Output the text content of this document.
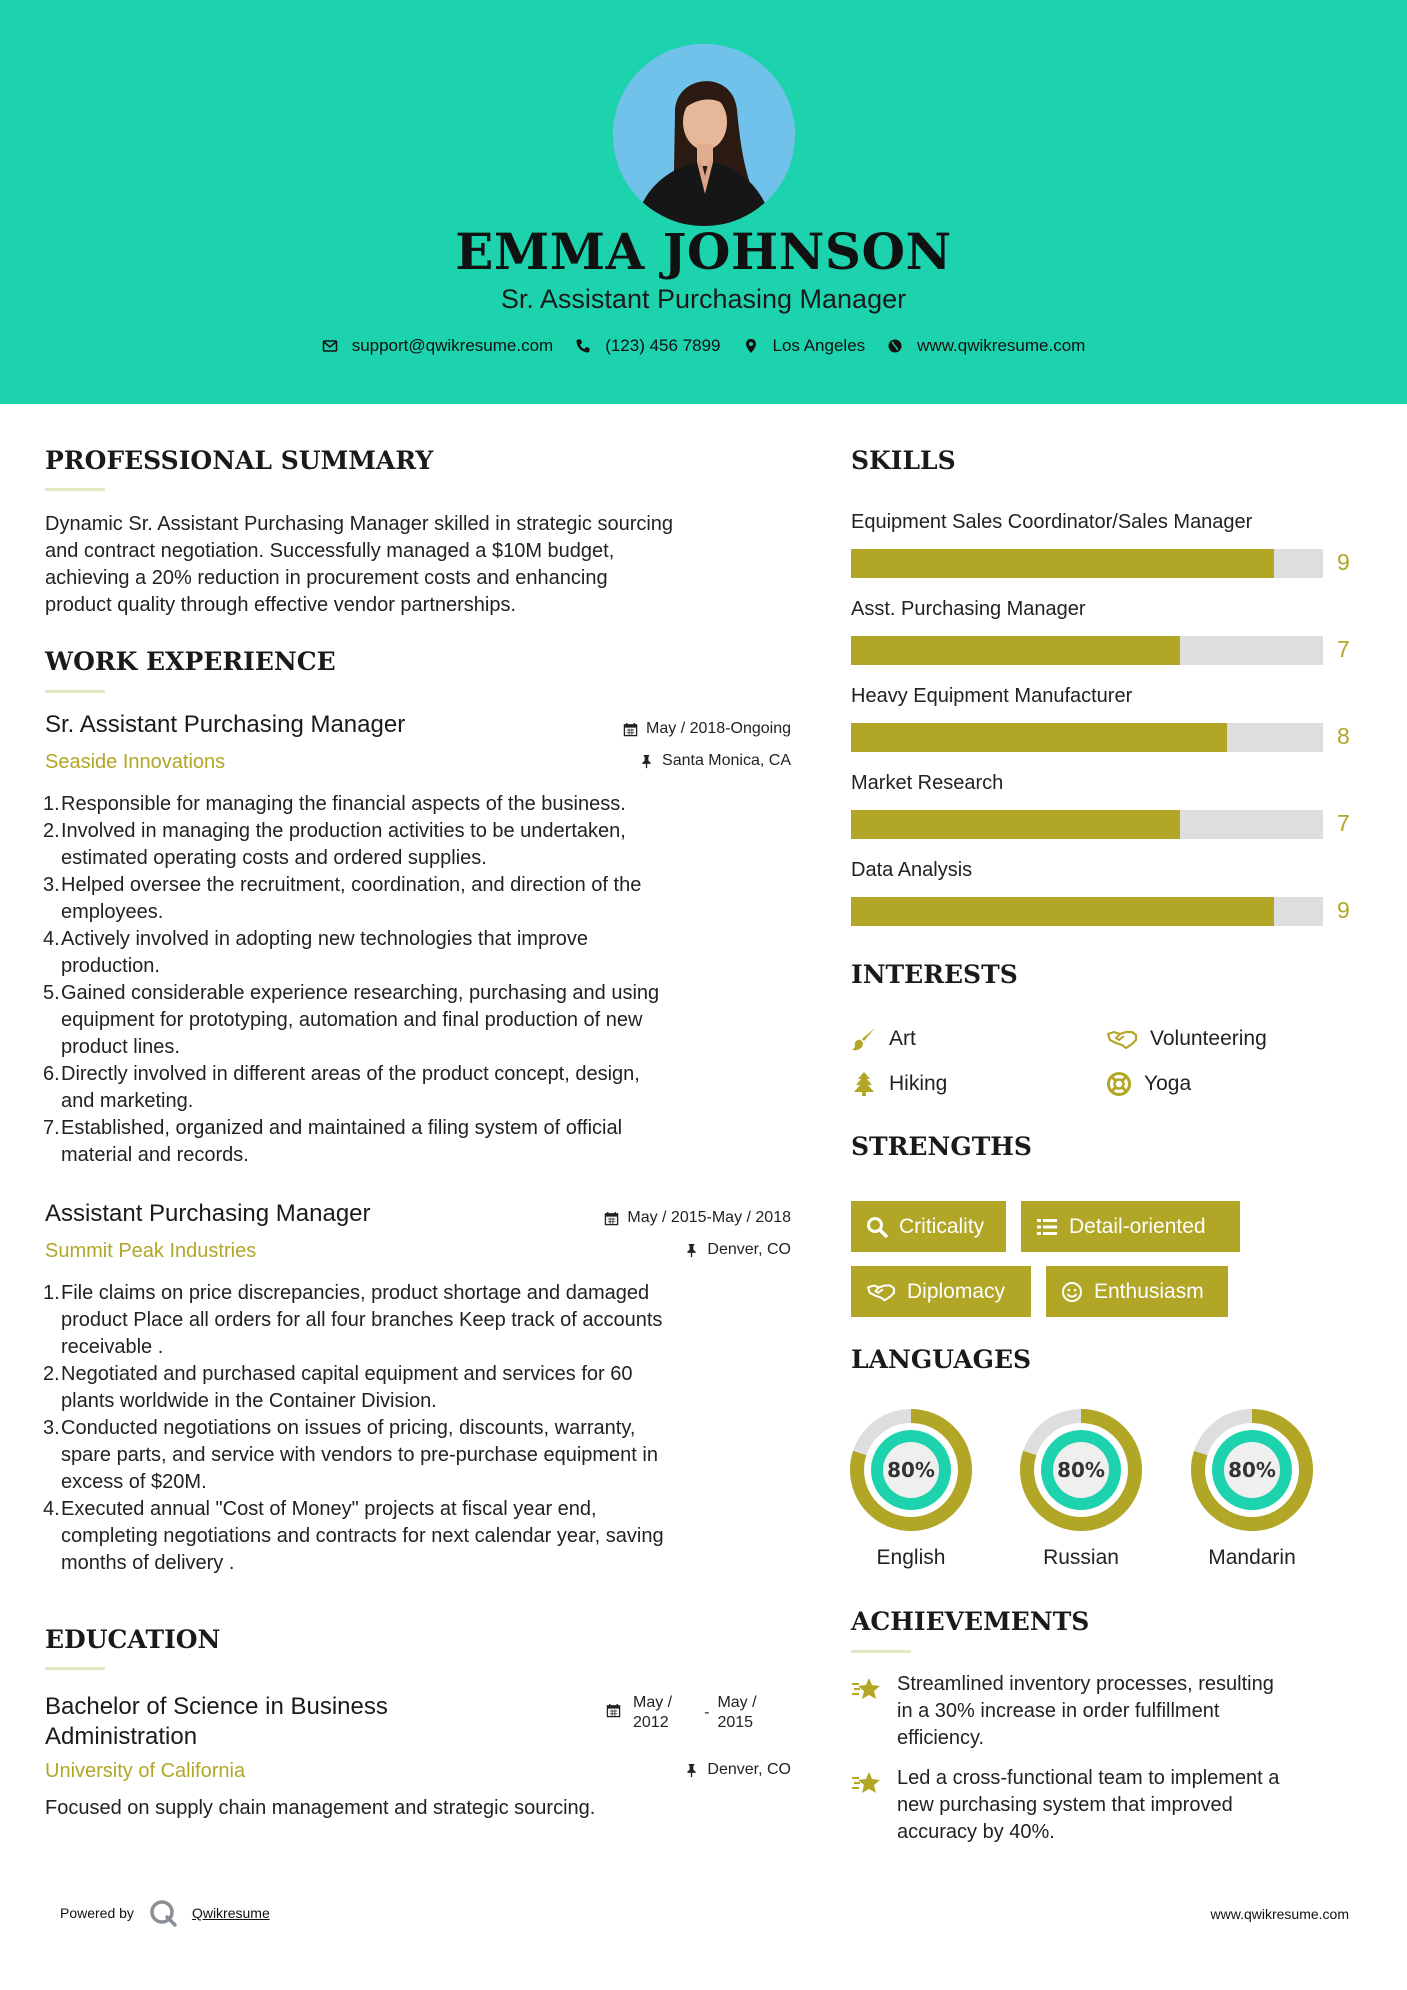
EMMA JOHNSON
Sr. Assistant Purchasing Manager
support@qwikresume.com	(123) 456 7899	Los Angeles	www.qwikresume.com
PROFESSIONAL SUMMARY
Dynamic Sr. Assistant Purchasing Manager skilled in strategic sourcing
and contract negotiation. Successfully managed a $10M budget,
achieving a 20% reduction in procurement costs and enhancing
product quality through effective vendor partnerships.
WORK EXPERIENCE
Sr. Assistant Purchasing Manager
Seaside Innovations
May / 2018-Ongoing
Santa Monica, CA
1. Responsible for managing the financial aspects of the business.
2. Involved in managing the production activities to be undertaken,
estimated operating costs and ordered supplies.
3. Helped oversee the recruitment, coordination, and direction of the
employees.
4. Actively involved in adopting new technologies that improve
production.
5. Gained considerable experience researching, purchasing and using
equipment for prototyping, automation and final production of new
product lines.
6. Directly involved in different areas of the product concept, design,
and marketing.
7. Established, organized and maintained a filing system of official
material and records.
Assistant Purchasing Manager
Summit Peak Industries
May / 2015-May / 2018
Denver, CO
1. File claims on price discrepancies, product shortage and damaged
product Place all orders for all four branches Keep track of accounts
receivable .
2. Negotiated and purchased capital equipment and services for 60
plants worldwide in the Container Division.
3. Conducted negotiations on issues of pricing, discounts, warranty,
spare parts, and service with vendors to pre-purchase equipment in
excess of $20M.
4. Executed annual "Cost of Money" projects at fiscal year end,
completing negotiations and contracts for next calendar year, saving
months of delivery .
EDUCATION
Bachelor of Science in Business
Administration
University of California
May /
2012
-
May /
2015
Denver, CO
Focused on supply chain management and strategic sourcing.
SKILLS
Equipment Sales Coordinator/Sales Manager
9
Asst. Purchasing Manager
7
Heavy Equipment Manufacturer
8
Market Research
7
Data Analysis
9
INTERESTS
Art	Volunteering
Hiking	Yoga
STRENGTHS
Criticality	Detail-oriented
Diplomacy	Enthusiasm
LANGUAGES
80%
English
80%
Russian
80%
Mandarin
ACHIEVEMENTS
Streamlined inventory processes, resulting
in a 30% increase in order fulfillment
efficiency.
Led a cross-functional team to implement a
new purchasing system that improved
accuracy by 40%.
Powered by	Qwikresume	www.qwikresume.com
